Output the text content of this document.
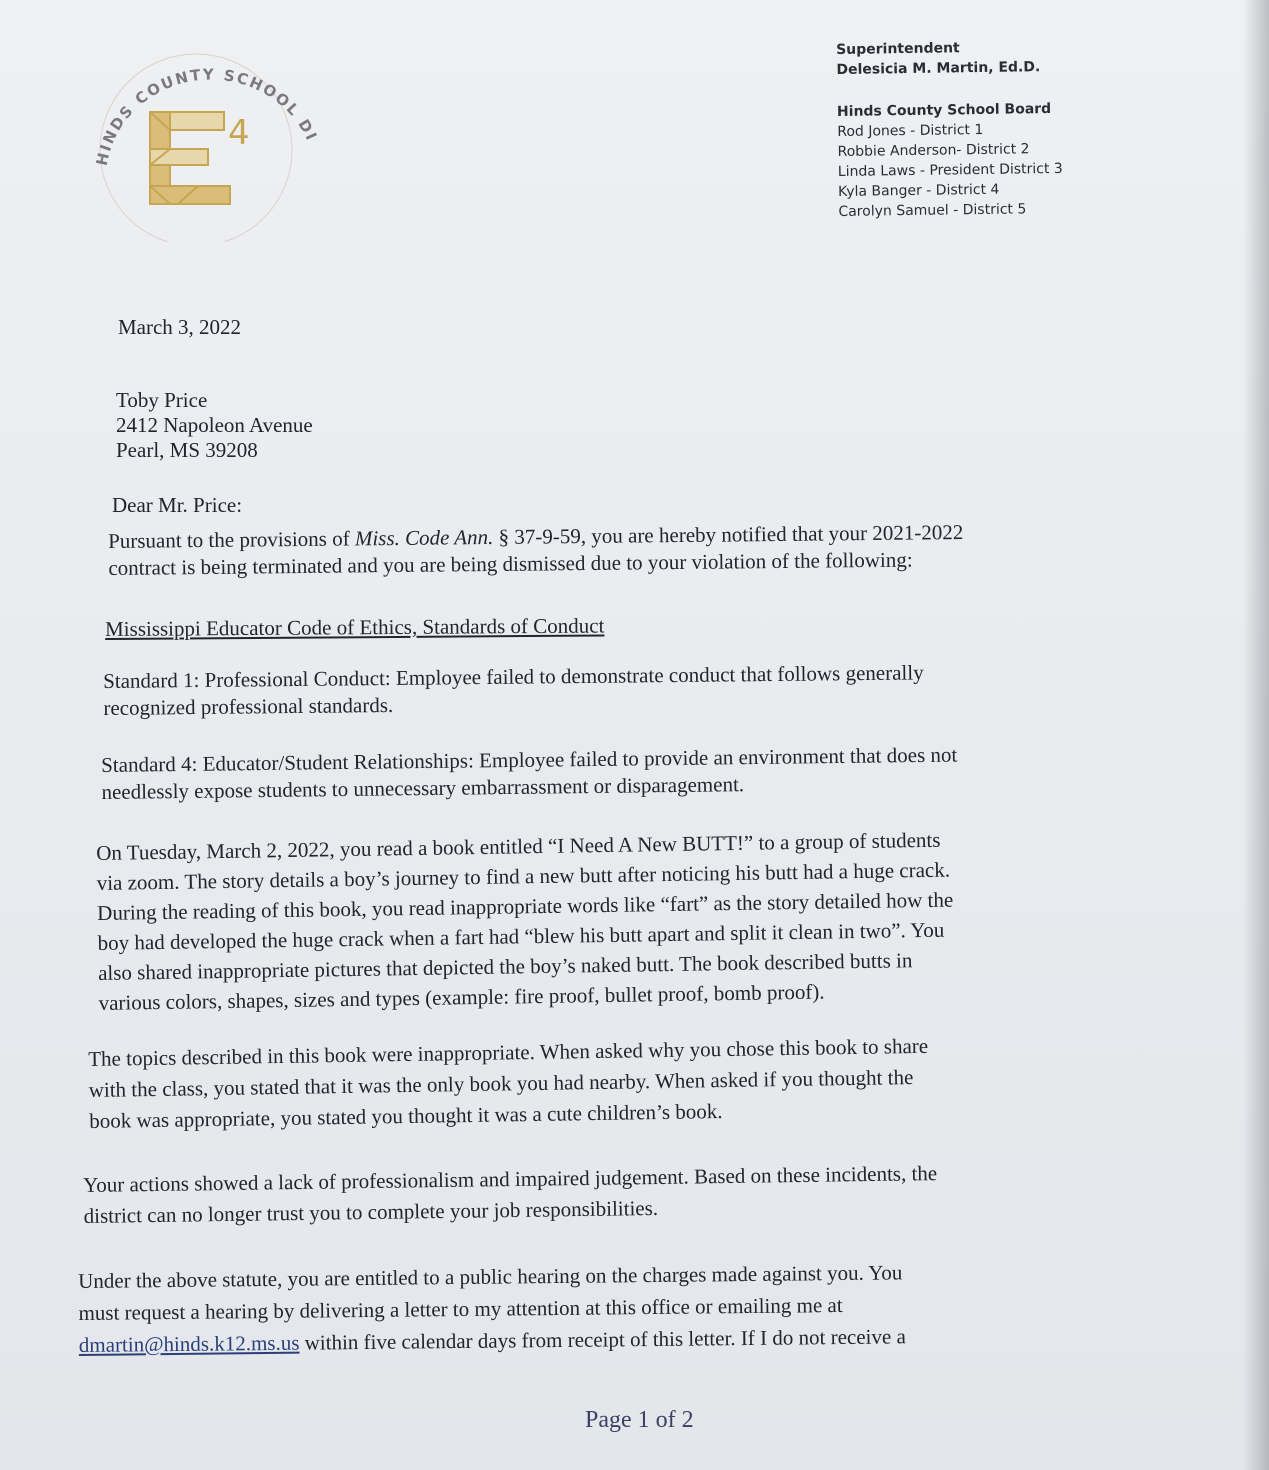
HINDS COUNTY SCHOOL DI
4
Superintendent
Delesicia M. Martin, Ed.D.
Hinds County School Board
Rod Jones - District 1
Robbie Anderson- District 2
Linda Laws - President District 3
Kyla Banger - District 4
Carolyn Samuel - District 5
March 3, 2022
Toby Price
2412 Napoleon Avenue
Pearl, MS 39208
Dear Mr. Price:
Pursuant to the provisions of Miss. Code Ann. § 37-9-59, you are hereby notified that your 2021-2022
contract is being terminated and you are being dismissed due to your violation of the following:
Mississippi Educator Code of Ethics, Standards of Conduct
Standard 1: Professional Conduct: Employee failed to demonstrate conduct that follows generally
recognized professional standards.
Standard 4: Educator/Student Relationships: Employee failed to provide an environment that does not
needlessly expose students to unnecessary embarrassment or disparagement.
On Tuesday, March 2, 2022, you read a book entitled “I Need A New BUTT!” to a group of students
via zoom. The story details a boy’s journey to find a new butt after noticing his butt had a huge crack.
During the reading of this book, you read inappropriate words like “fart” as the story detailed how the
boy had developed the huge crack when a fart had “blew his butt apart and split it clean in two”. You
also shared inappropriate pictures that depicted the boy’s naked butt. The book described butts in
various colors, shapes, sizes and types (example: fire proof, bullet proof, bomb proof).
The topics described in this book were inappropriate. When asked why you chose this book to share
with the class, you stated that it was the only book you had nearby. When asked if you thought the
book was appropriate, you stated you thought it was a cute children’s book.
Your actions showed a lack of professionalism and impaired judgement. Based on these incidents, the
district can no longer trust you to complete your job responsibilities.
Under the above statute, you are entitled to a public hearing on the charges made against you. You
must request a hearing by delivering a letter to my attention at this office or emailing me at
dmartin@hinds.k12.ms.us within five calendar days from receipt of this letter. If I do not receive a
Page 1 of 2
